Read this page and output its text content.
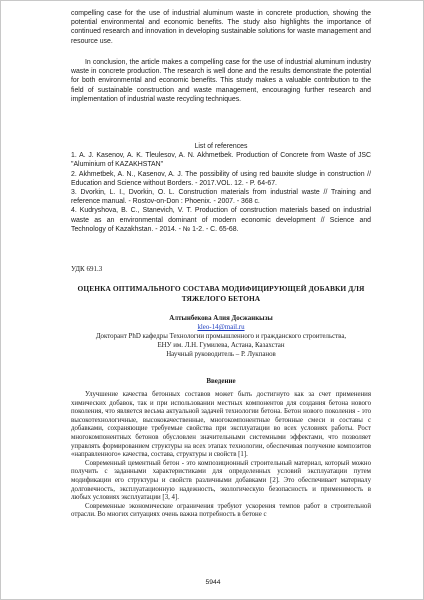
compelling case for the use of industrial aluminum waste in concrete production, showing the potential environmental and economic benefits. The study also highlights the importance of continued research and innovation in developing sustainable solutions for waste management and resource use.

In conclusion, the article makes a compelling case for the use of industrial aluminum industry waste in concrete production. The research is well done and the results demonstrate the potential for both environmental and economic benefits. This study makes a valuable contribution to the field of sustainable construction and waste management, encouraging further research and implementation of industrial waste recycling techniques.

List of references

1. A. J. Kasenov, A. K. Tleulesov, A. N. Akhmetbek. Production of Concrete from Waste of JSC "Aluminium of KAZAKHSTAN"

2. Akhmetbek, A. N., Kasenov, A. J. The possibility of using red bauxite sludge in construction // Education and Science without Borders. - 2017.VOL. 12. - P. 64-67.

3. Dvorkin, L. I., Dvorkin, O. L. Construction materials from industrial waste // Training and reference manual. - Rostov-on-Don : Phoenix. - 2007. - 368 c.

4. Kudryshova, B. C., Stanevich, V. T. Production of construction materials based on industrial waste as an environmental dominant of modern economic development // Science and Technology of Kazakhstan. - 2014. - № 1-2. - C. 65-68.

УДК 691.3

ОЦЕНКА ОПТИМАЛЬНОГО СОСТАВА МОДИФИЦИРУЮЩЕЙ ДОБАВКИ ДЛЯ ТЯЖЕЛОГО БЕТОНА

Алтынбекова Алия Досжанкызы

kleo-14@mail.ru

Докторант PhD кафедры Технологии промышленного и гражданского строительства,

ЕНУ им. Л.Н. Гумилева, Астана, Казахстан

Научный руководитель – Р. Лукпанов

Введение

Улучшение качества бетонных составов может быть достигнуто как за счет применения химических добавок, так и при использовании местных компонентов для создания бетона нового поколения, что является весьма актуальной задачей технологии бетона. Бетон нового поколения - это высокотехнологичные, высококачественные, многокомпонентные бетонные смеси и составы с добавками, сохраняющие требуемые свойства при эксплуатации во всех условиях работы. Рост многокомпонентных бетонов обусловлен значительными системными эффектами, что позволяет управлять формированием структуры на всех этапах технологии, обеспечивая получение композитов «направленного» качества, состава, структуры и свойств [1].

Современный цементный бетон - это композиционный строительный материал, который можно получить с заданными характеристиками для определенных условий эксплуатации путем модификации его структуры и свойств различными добавками [2]. Это обеспечивает материалу долговечность, эксплуатационную надежность, экологическую безопасность и применимость в любых условиях эксплуатации [3, 4].

Современные экономические ограничения требуют ускорения темпов работ в строительной отрасли. Во многих ситуациях очень важна потребность в бетоне с

5944
